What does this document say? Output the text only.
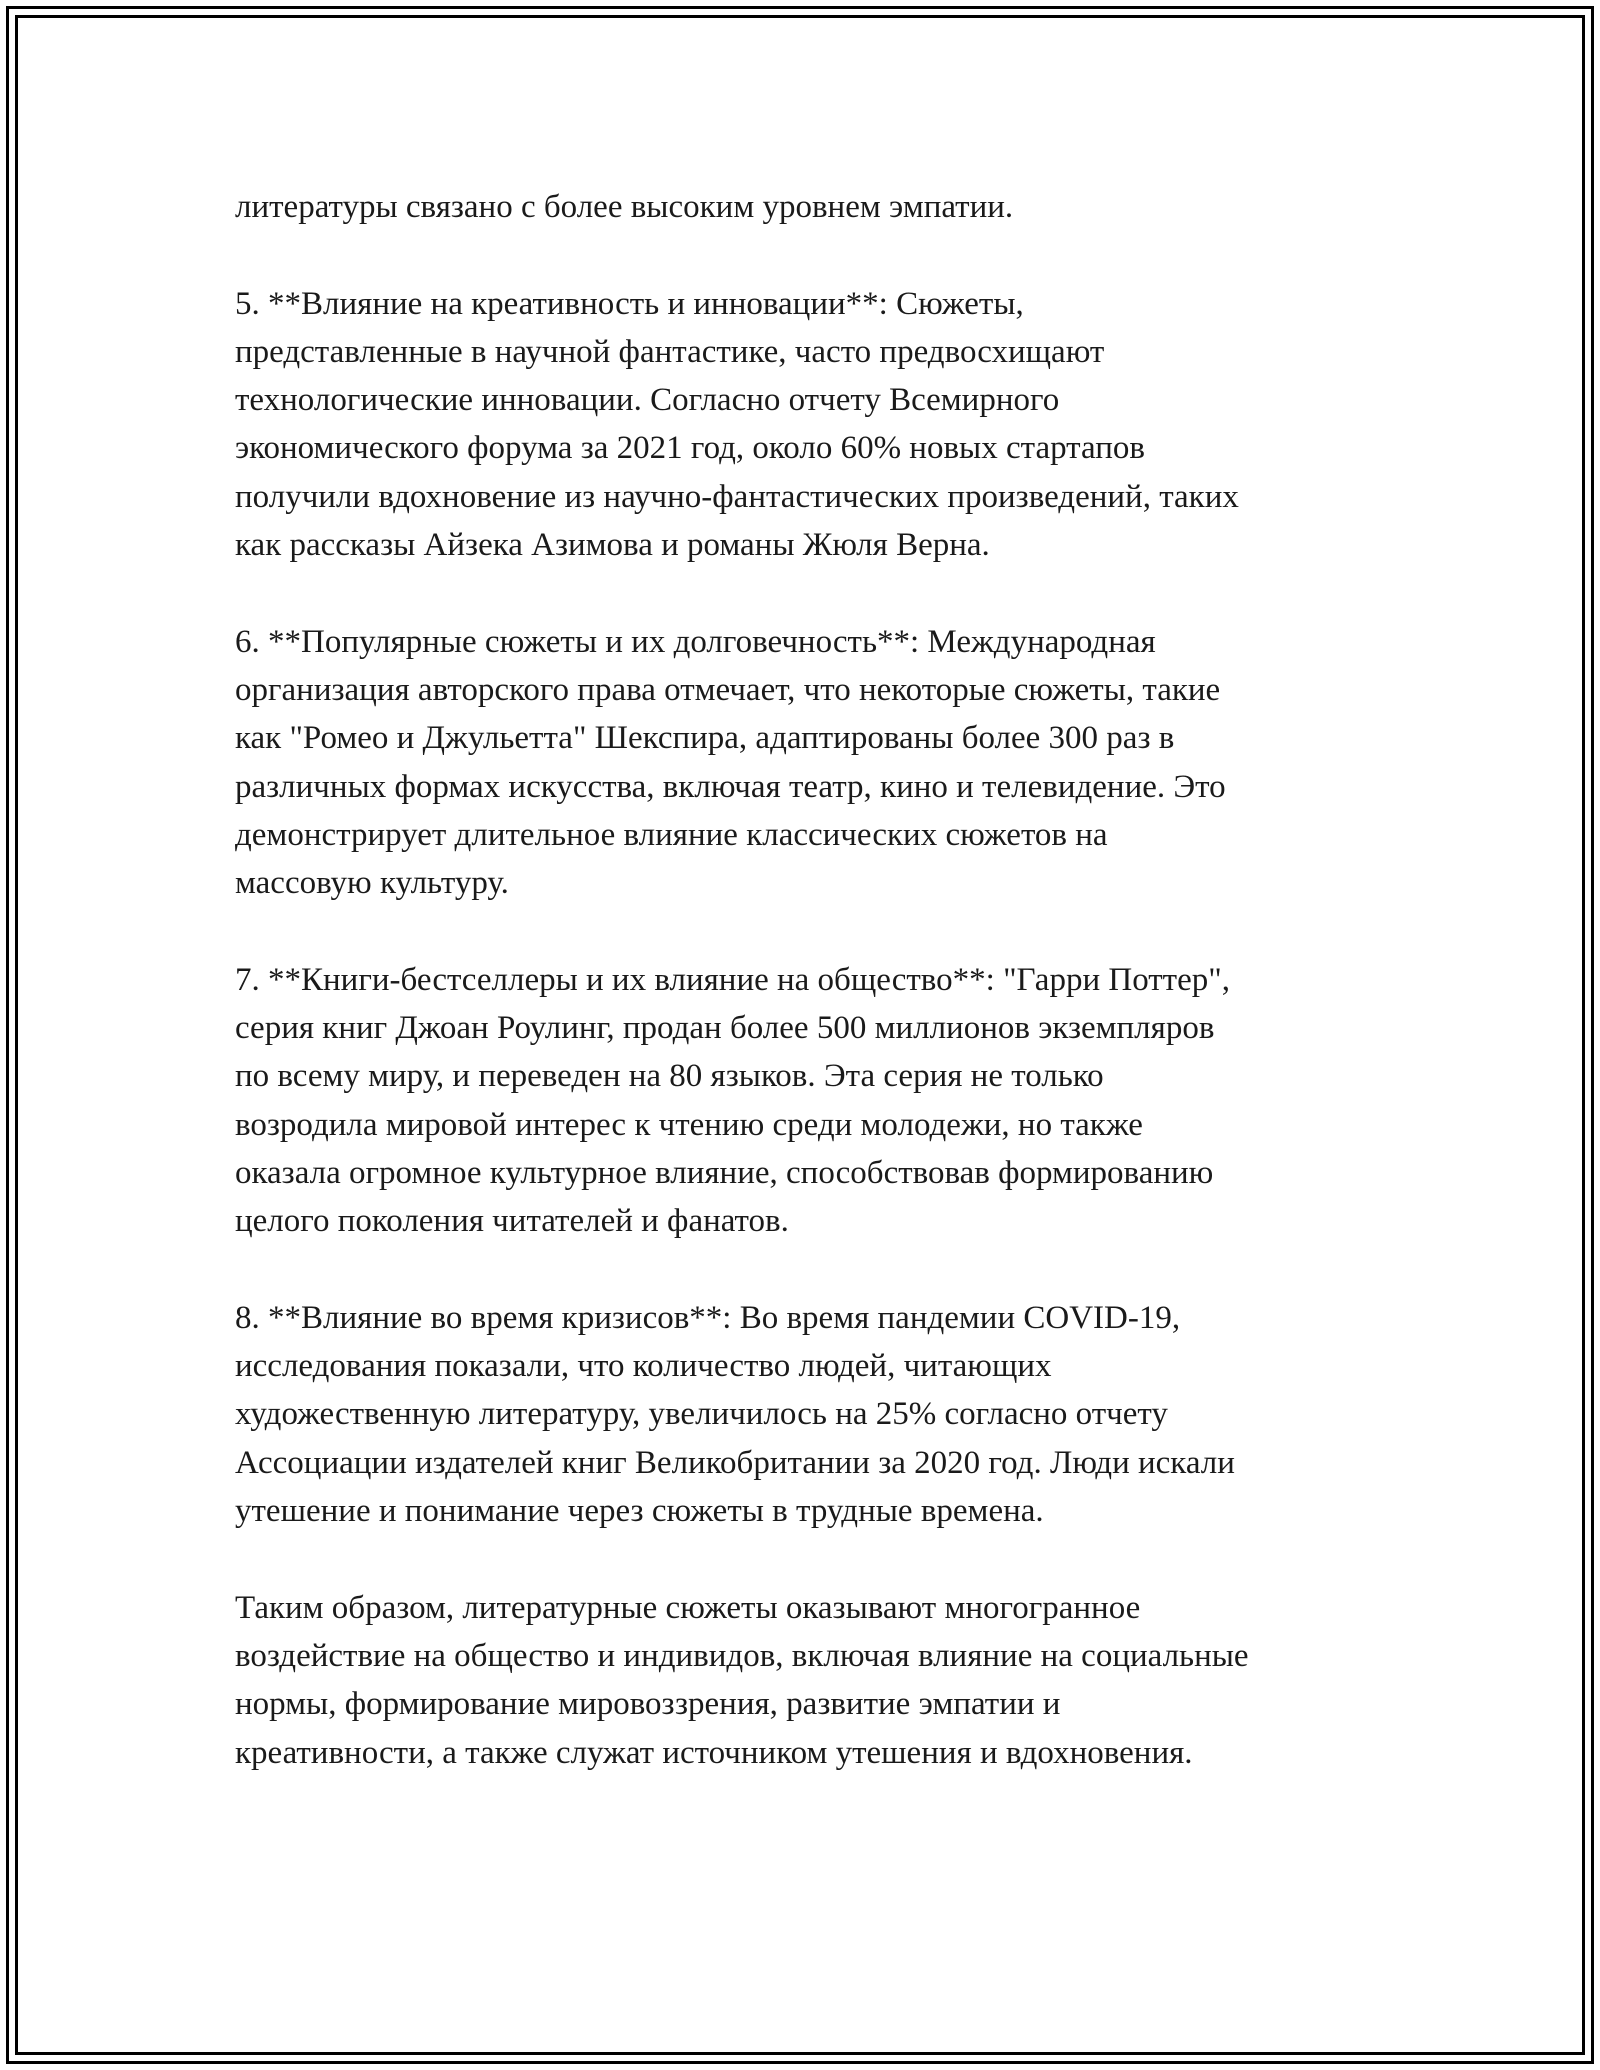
литературы связано с более высоким уровнем эмпатии.

5. **Влияние на креативность и инновации**: Сюжеты,
представленные в научной фантастике, часто предвосхищают
технологические инновации. Согласно отчету Всемирного
экономического форума за 2021 год, около 60% новых стартапов
получили вдохновение из научно-фантастических произведений, таких
как рассказы Айзека Азимова и романы Жюля Верна.

6. **Популярные сюжеты и их долговечность**: Международная
организация авторского права отмечает, что некоторые сюжеты, такие
как "Ромео и Джульетта" Шекспира, адаптированы более 300 раз в
различных формах искусства, включая театр, кино и телевидение. Это
демонстрирует длительное влияние классических сюжетов на
массовую культуру.

7. **Книги-бестселлеры и их влияние на общество**: "Гарри Поттер",
серия книг Джоан Роулинг, продан более 500 миллионов экземпляров
по всему миру, и переведен на 80 языков. Эта серия не только
возродила мировой интерес к чтению среди молодежи, но также
оказала огромное культурное влияние, способствовав формированию
целого поколения читателей и фанатов.

8. **Влияние во время кризисов**: Во время пандемии COVID-19,
исследования показали, что количество людей, читающих
художественную литературу, увеличилось на 25% согласно отчету
Ассоциации издателей книг Великобритании за 2020 год. Люди искали
утешение и понимание через сюжеты в трудные времена.

Таким образом, литературные сюжеты оказывают многогранное
воздействие на общество и индивидов, включая влияние на социальные
нормы, формирование мировоззрения, развитие эмпатии и
креативности, а также служат источником утешения и вдохновения.
